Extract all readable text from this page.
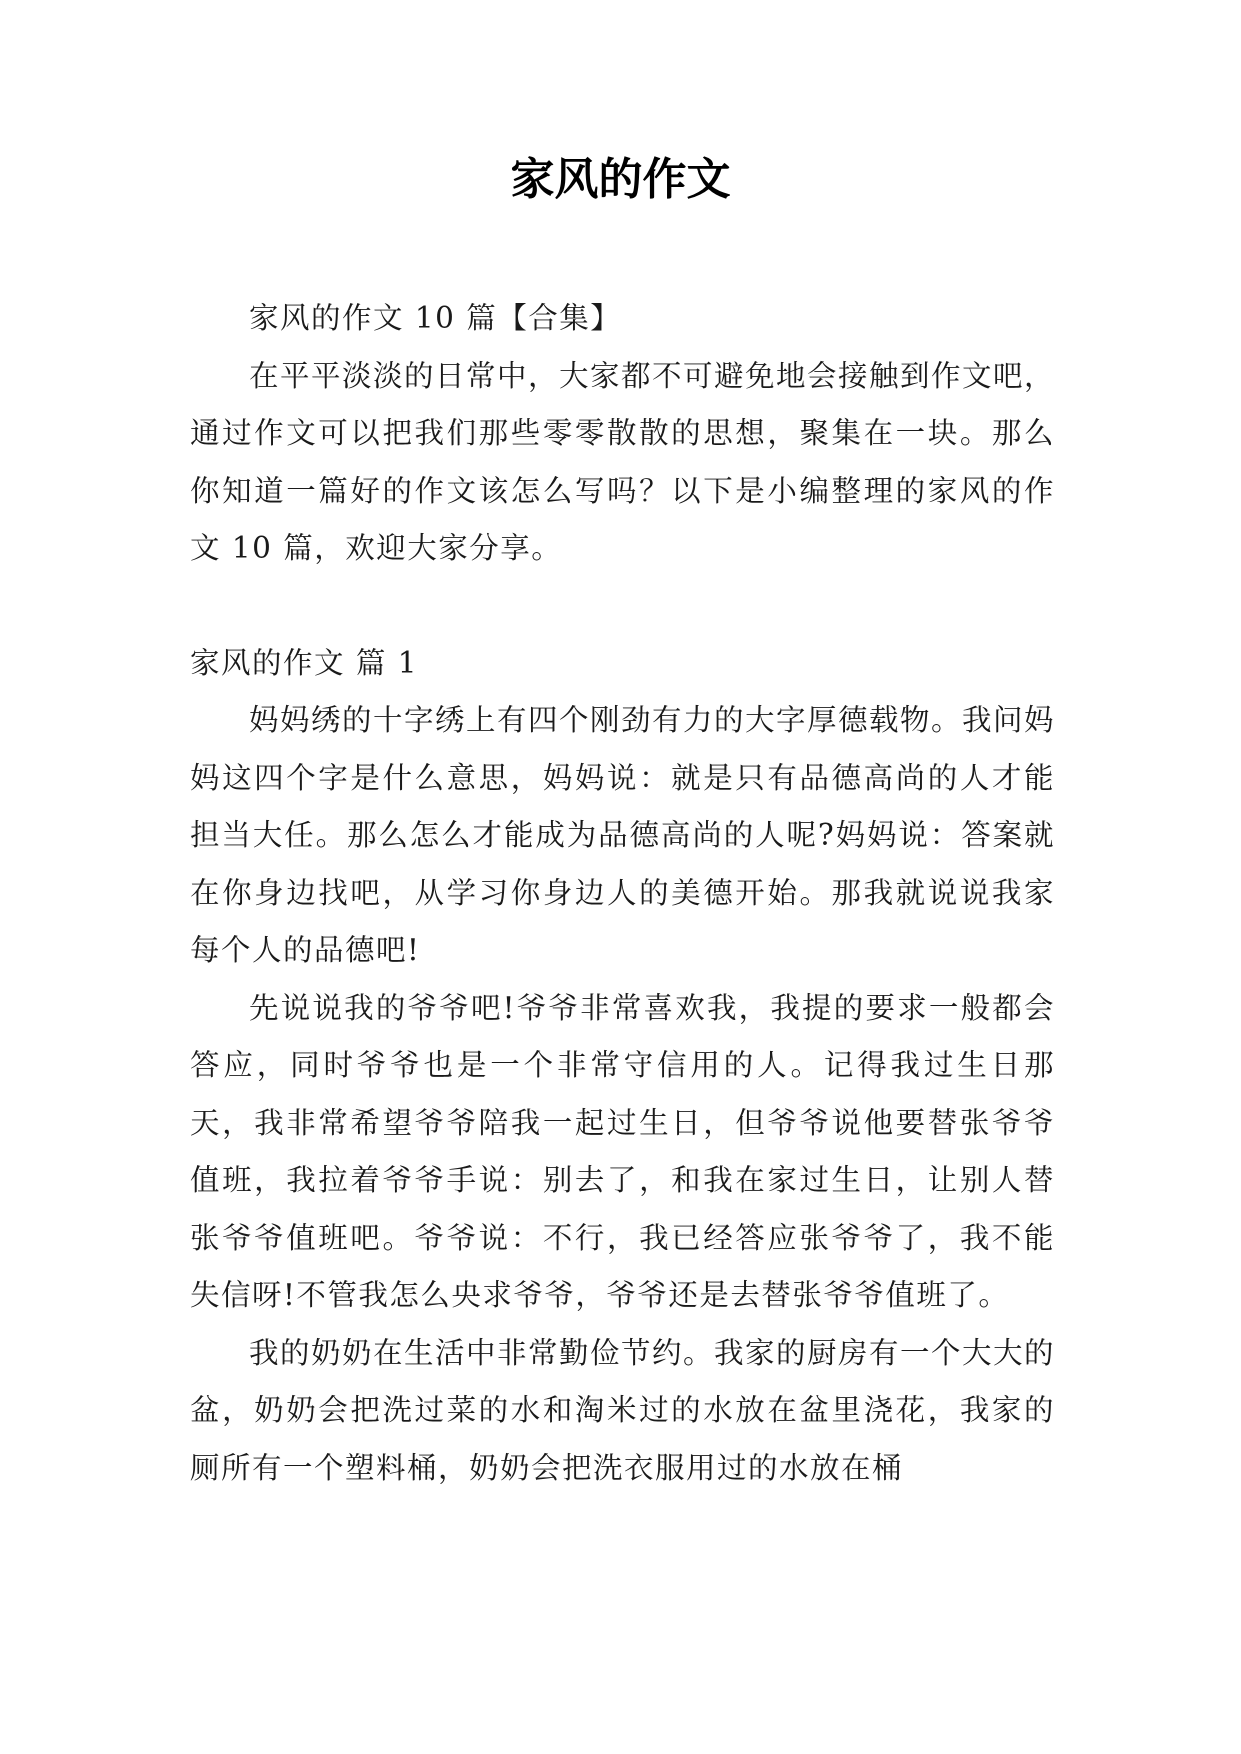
家风的作文

家风的作文 10 篇【合集】

在平平淡淡的日常中，大家都不可避免地会接触到作文吧，通过作文可以把我们那些零零散散的思想，聚集在一块。那么你知道一篇好的作文该怎么写吗？以下是小编整理的家风的作文 10 篇，欢迎大家分享。

家风的作文 篇 1

妈妈绣的十字绣上有四个刚劲有力的大字厚德载物。我问妈妈这四个字是什么意思，妈妈说：就是只有品德高尚的人才能担当大任。那么怎么才能成为品德高尚的人呢?妈妈说：答案就在你身边找吧，从学习你身边人的美德开始。那我就说说我家每个人的品德吧!

先说说我的爷爷吧!爷爷非常喜欢我，我提的要求一般都会答应，同时爷爷也是一个非常守信用的人。记得我过生日那天，我非常希望爷爷陪我一起过生日，但爷爷说他要替张爷爷值班，我拉着爷爷手说：别去了，和我在家过生日，让别人替张爷爷值班吧。爷爷说：不行，我已经答应张爷爷了，我不能失信呀!不管我怎么央求爷爷，爷爷还是去替张爷爷值班了。

我的奶奶在生活中非常勤俭节约。我家的厨房有一个大大的盆，奶奶会把洗过菜的水和淘米过的水放在盆里浇花，我家的厕所有一个塑料桶，奶奶会把洗衣服用过的水放在桶
